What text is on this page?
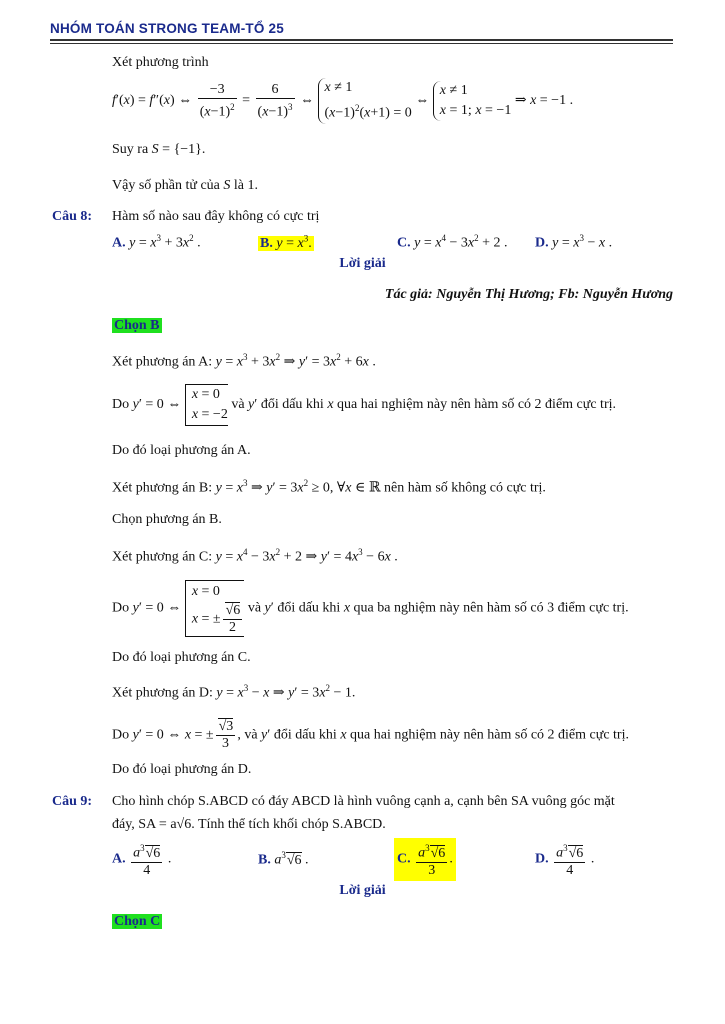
NHÓM TOÁN STRONG TEAM-TỔ 25
Xét phương trình
f′(x) = f″(x) ⇔ $\frac{-3}{(x-1)^2} = \frac{6}{(x-1)^3}$ ⇔ x ≠ 1
$(x-1)^2(x+1) = 0$ ⇔ x ≠ 1
x = 1; x = −1 ⇒ x = −1 .
Suy ra S = {−1}.
Vậy số phần tử của S là 1.
Câu 8: Hàm số nào sau đây không có cực trị
A. $y = x^3 + 3x^2$ .	B. $y = x^3$.	C. $y = x^4 - 3x^2 + 2$ . D. $y = x^3 - x$ .
Lời giải
Tác giả: Nguyễn Thị Hương; Fb: Nguyễn Hương
Chọn B
Xét phương án A: $y = x^3 + 3x^2$ ⇒ $y' = 3x^2 + 6x$ .
Do y′ = 0 ⇔ x = 0
x = −2 và y′ đổi dấu khi x qua hai nghiệm này nên hàm số có 2 điểm cực trị.
Do đó loại phương án A.
Xét phương án B: $y = x^3$ ⇒ $y' = 3x^2 \ge 0$, ∀x ∈ ℝ nên hàm số không có cực trị.
Chọn phương án B.
Xét phương án C: $y = x^4 - 3x^2 + 2$ ⇒ $y' = 4x^3 - 6x$ .
Do y′ = 0 ⇔ x = 0
x = ± $\frac{√6}{2}$ và y′ đổi dấu khi x qua ba nghiệm này nên hàm số có 3 điểm cực trị.
Do đó loại phương án C.
Xét phương án D: $y = x^3 - x$ ⇒ $y' = 3x^2 - 1$.
Do y′ = 0 ⇔ x = ± $\frac{√3}{3}$ , và y′ đổi dấu khi x qua hai nghiệm này nên hàm số có 2 điểm cực trị.
Do đó loại phương án D.
Câu 9: Cho hình chóp S.ABCD có đáy ABCD là hình vuông cạnh a, cạnh bên SA vuông góc mặt
đáy, SA = a√6. Tính thể tích khối chóp S.ABCD.
A. $\frac{a^3√6}{4}$ .	B. $a^3√6$ .	C. $\frac{a^3√6}{3}$ .	D. $\frac{a^3√6}{4}$ .
Lời giải
Chọn C
